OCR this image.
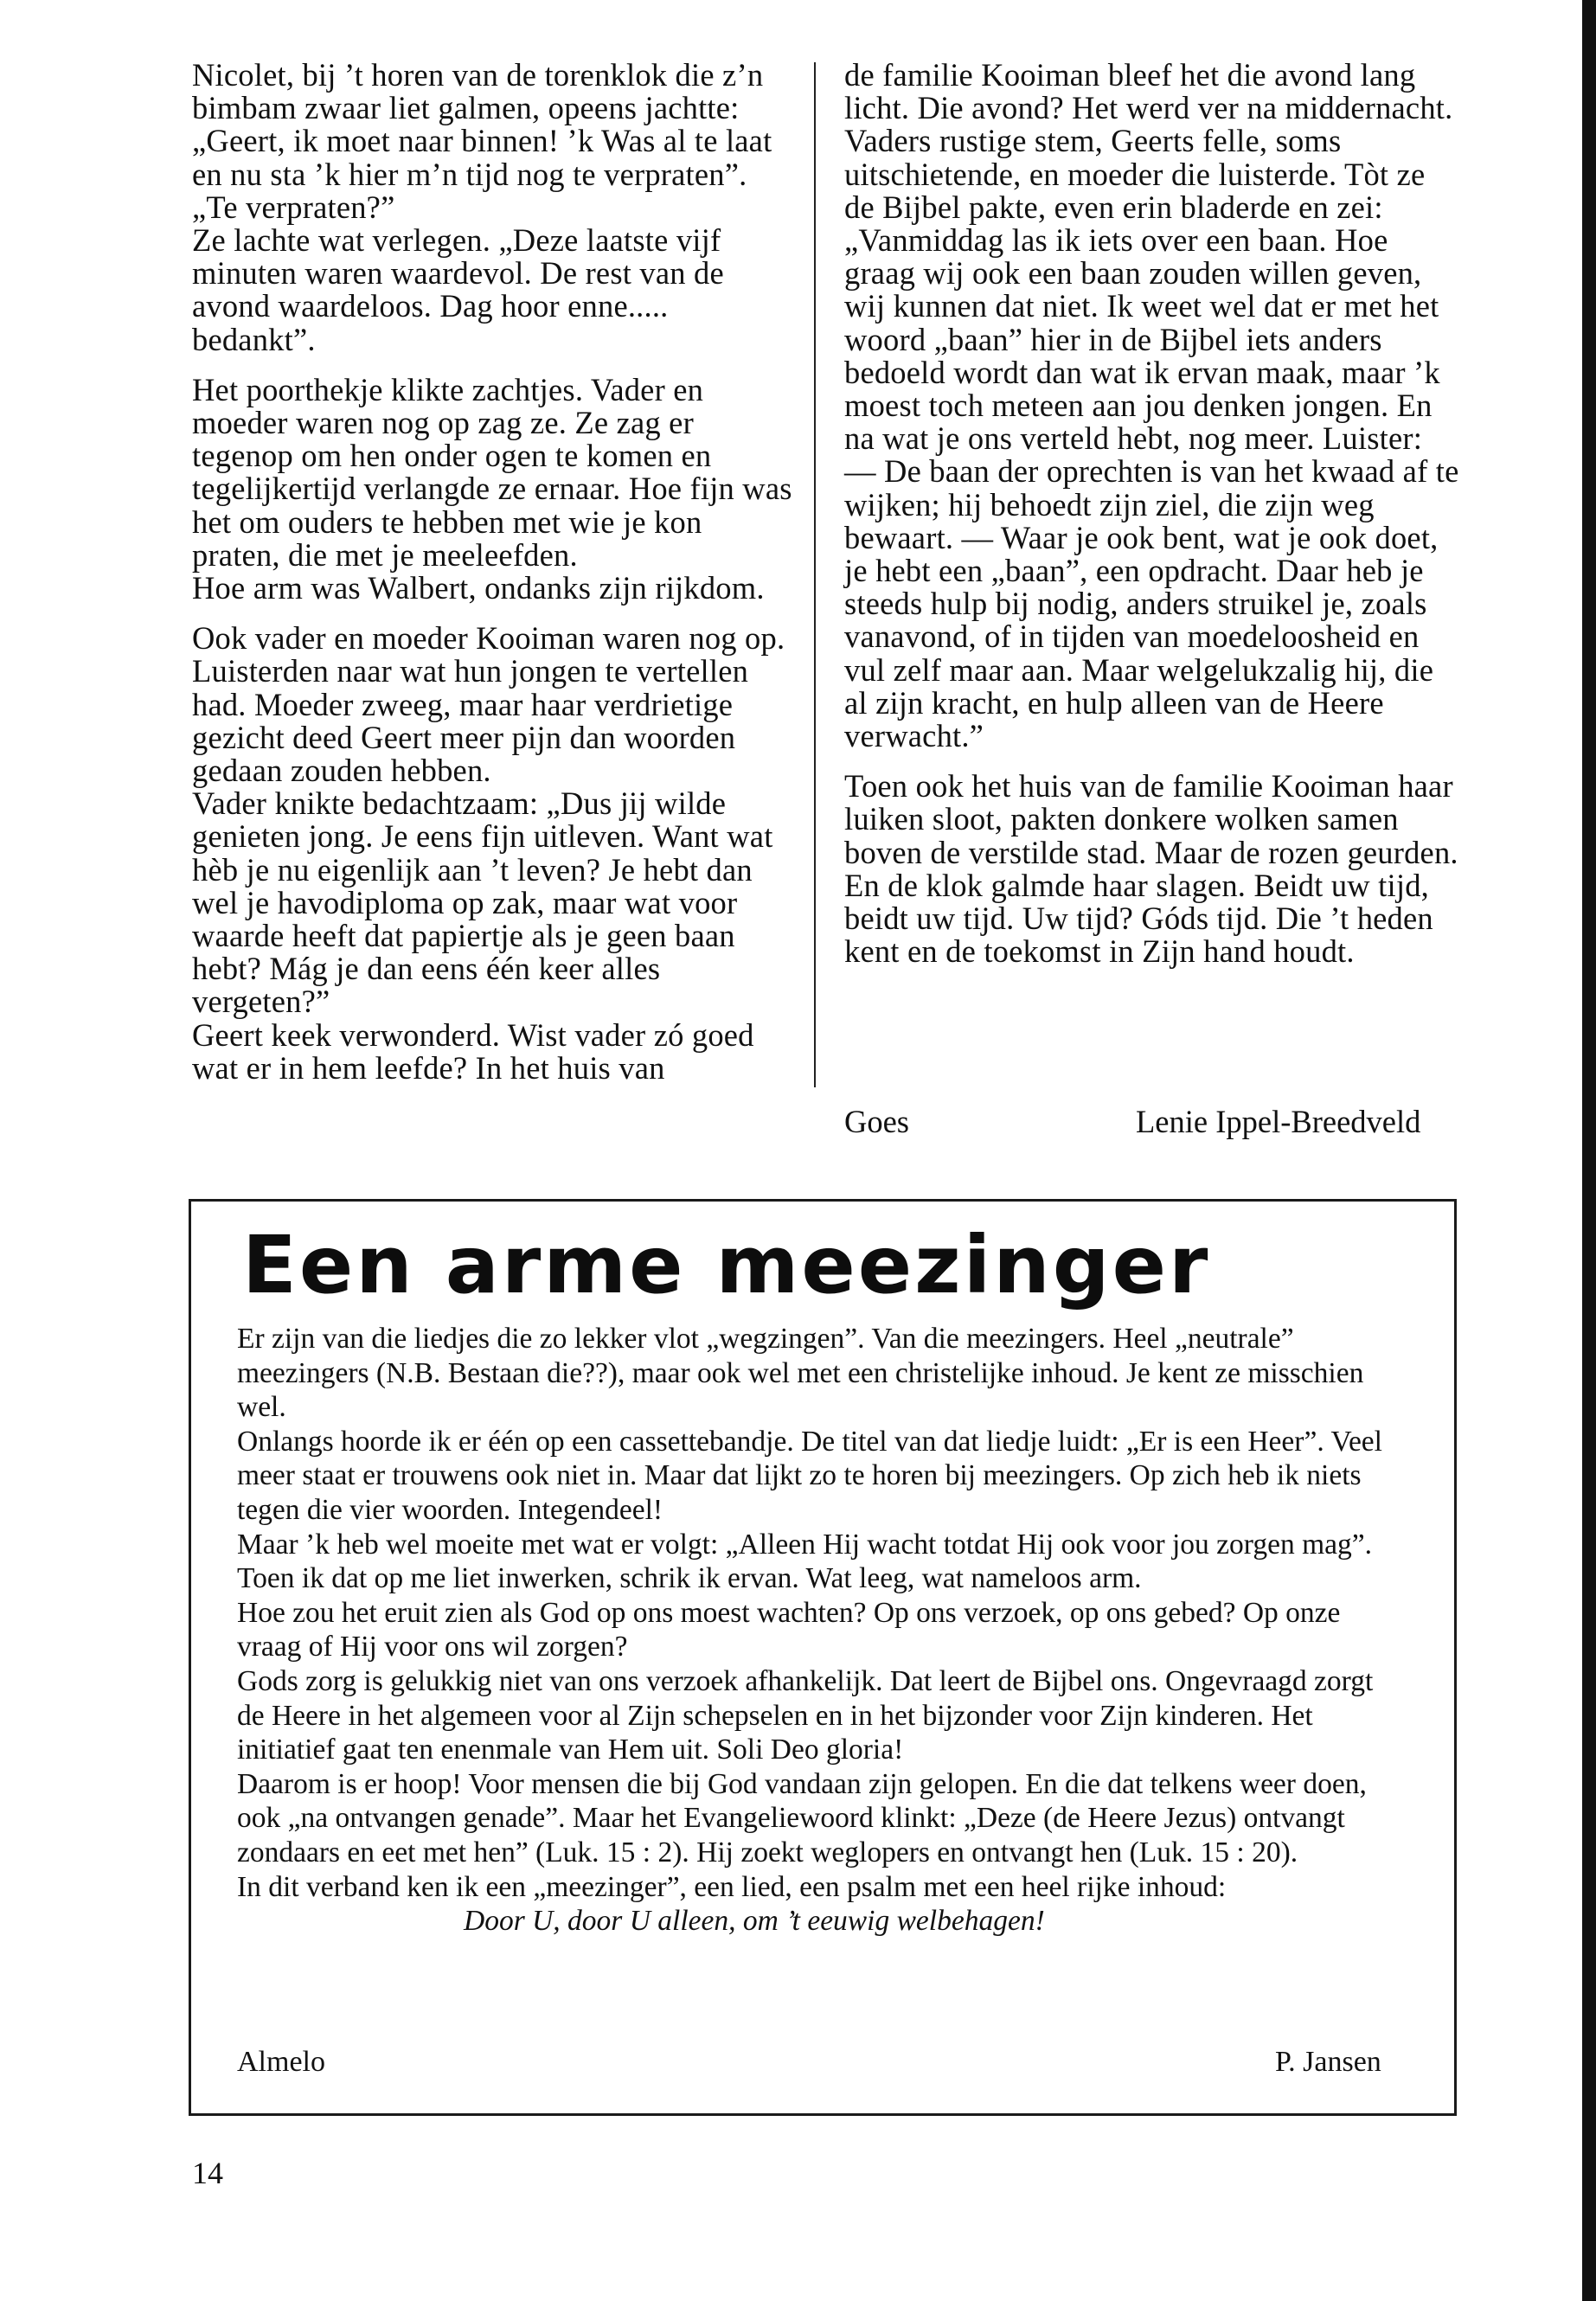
Nicolet, bij ’t horen van de torenklok die z’n bimbam zwaar liet galmen, opeens jachtte: „Geert, ik moet naar binnen! ’k Was al te laat en nu sta ’k hier m’n tijd nog te verpraten”.

„Te verpraten?”

Ze lachte wat verlegen. „Deze laatste vijf minuten waren waardevol. De rest van de avond waardeloos. Dag hoor enne..... bedankt”.

Het poorthekje klikte zachtjes. Vader en moeder waren nog op zag ze. Ze zag er tegenop om hen onder ogen te komen en tegelijkertijd verlangde ze ernaar. Hoe fijn was het om ouders te hebben met wie je kon praten, die met je meeleefden.

Hoe arm was Walbert, ondanks zijn rijkdom.

Ook vader en moeder Kooiman waren nog op. Luisterden naar wat hun jongen te vertellen had. Moeder zweeg, maar haar verdrietige gezicht deed Geert meer pijn dan woorden gedaan zouden hebben.

Vader knikte bedachtzaam: „Dus jij wilde genieten jong. Je eens fijn uitleven. Want wat hèb je nu eigenlijk aan ’t leven? Je hebt dan wel je havodiploma op zak, maar wat voor waarde heeft dat papiertje als je geen baan hebt? Mág je dan eens één keer alles vergeten?”

Geert keek verwonderd. Wist vader zó goed wat er in hem leefde? In het huis van

de familie Kooiman bleef het die avond lang licht. Die avond? Het werd ver na middernacht.

Vaders rustige stem, Geerts felle, soms uitschietende, en moeder die luisterde. Tòt ze de Bijbel pakte, even erin bladerde en zei: „Vanmiddag las ik iets over een baan. Hoe graag wij ook een baan zouden willen geven, wij kunnen dat niet. Ik weet wel dat er met het woord „baan” hier in de Bijbel iets anders bedoeld wordt dan wat ik ervan maak, maar ’k moest toch meteen aan jou denken jongen. En na wat je ons verteld hebt, nog meer. Luister: — De baan der oprechten is van het kwaad af te wijken; hij behoedt zijn ziel, die zijn weg bewaart. — Waar je ook bent, wat je ook doet, je hebt een „baan”, een opdracht. Daar heb je steeds hulp bij nodig, anders struikel je, zoals vanavond, of in tijden van moedeloosheid en vul zelf maar aan. Maar welgelukzalig hij, die al zijn kracht, en hulp alleen van de Heere verwacht.”

Toen ook het huis van de familie Kooiman haar luiken sloot, pakten donkere wolken samen boven de verstilde stad. Maar de rozen geurden. En de klok galmde haar slagen. Beidt uw tijd, beidt uw tijd. Uw tijd? Góds tijd. Die ’t heden kent en de toekomst in Zijn hand houdt.

Goes	Lenie Ippel-Breedveld
Een arme meezinger

Er zijn van die liedjes die zo lekker vlot „wegzingen”. Van die meezingers. Heel „neutrale” meezingers (N.B. Bestaan die??), maar ook wel met een christelijke inhoud. Je kent ze misschien wel.

Onlangs hoorde ik er één op een cassettebandje. De titel van dat liedje luidt: „Er is een Heer”. Veel meer staat er trouwens ook niet in. Maar dat lijkt zo te horen bij meezingers. Op zich heb ik niets tegen die vier woorden. Integendeel!

Maar ’k heb wel moeite met wat er volgt: „Alleen Hij wacht totdat Hij ook voor jou zorgen mag”. Toen ik dat op me liet inwerken, schrik ik ervan. Wat leeg, wat nameloos arm.

Hoe zou het eruit zien als God op ons moest wachten? Op ons verzoek, op ons gebed? Op onze vraag of Hij voor ons wil zorgen?

Gods zorg is gelukkig niet van ons verzoek afhankelijk. Dat leert de Bijbel ons. Ongevraagd zorgt de Heere in het algemeen voor al Zijn schepselen en in het bijzonder voor Zijn kinderen. Het initiatief gaat ten enenmale van Hem uit. Soli Deo gloria!

Daarom is er hoop! Voor mensen die bij God vandaan zijn gelopen. En die dat telkens weer doen, ook „na ontvangen genade”. Maar het Evangeliewoord klinkt: „Deze (de Heere Jezus) ontvangt zondaars en eet met hen” (Luk. 15 : 2). Hij zoekt weglopers en ontvangt hen (Luk. 15 : 20).

In dit verband ken ik een „meezinger”, een lied, een psalm met een heel rijke inhoud:

Door U, door U alleen, om ’t eeuwig welbehagen!

Almelo	P. Jansen
14
